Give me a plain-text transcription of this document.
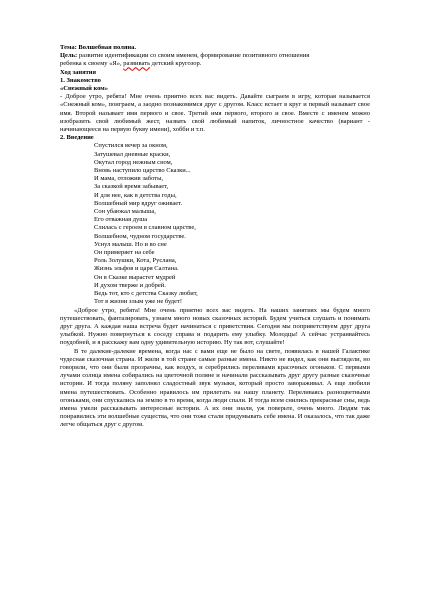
Тема: Волшебная поляна.
Цель: развитие идентификации со своим именем, формирование позитивного отношения
ребенка к своему «Я», развивать детский кругозор.
Ход занятия
1. Знакомство
«Снежный ком»

- Доброе утро, ребята! Мне очень приятно всех вас видеть. Давайте сыграем в игру, которая называется «Снежный ком», поиграем, а заодно познакомимся друг с другом. Класс встает в круг и первый называет свое имя. Второй называет имя первого и свое. Третий имя первого, второго и свое. Вместе с именем можно изобразить свой любимый жест, назвать свой любимый напиток, личностное качество (вариант - начинающееся на первую букву имени), хобби и т.п.

2. Введение
Спустился вечер за окном,
Затушевал дневные краски,
Окутал город нежным сном,
Вновь наступило царство Сказки...
И мама, отложив заботы,
За сказкой время забывает,
И для нее, как в детства годы,
Волшебный мир вдруг оживает.
Сон убаюкал малыша,
Его отважная душа
Слилась с героем в славном царстве,
Волшебном, чудном государстве.
Уснул малыш. Но и во сне
Он примеряет на себе
Роль Золушки, Кота, Руслана,
Жизнь эльфов и царя Салтана.
Он в Сказке вырастет мудрей
И духом тверже и добрей.
Ведь тот, кто с детства Сказку любит,
Тот в жизни злым уже не будет!

«Доброе утро, ребята! Мне очень приятно всех вас видеть. На наших занятиях мы будем много путешествовать, фантазировать, узнаем много новых сказочных историй. Будем учиться слушать и понимать друг друга. А каждая наша встреча будет начинаться с приветствия. Сегодня мы поприветствуем друг друга улыбкой. Нужно повернуться к соседу справа и подарить ему улыбку. Молодцы! А сейчас устраивайтесь поудобней, и я расскажу вам одну удивительную историю. Ну так вот, слушайте!

В те далекие-далекие времена, когда нас с вами еще не было на свете, появилась в нашей Галактике чудесная сказочная страна. И жили в той стране самые разные имена. Никто не видел, как они выглядели, но говорили, что они были прозрачны, как воздух, и серебрились переливами красочных огоньков. С первыми лучами солнца имена собирались на цветочной поляне и начинали рассказывать друг другу разные сказочные истории. И тогда поляну заполнял сладостный звук музыки, который просто завораживал. А еще любили имена путешествовать. Особенно нравилось им прилетать на нашу планету. Переливаясь разноцветными огоньками, они спускались на землю в то время, когда люди спали. И тогда всем снились прекрасные сны, ведь имена умели рассказывать интересные истории. А их они знали, уж поверьте, очень много. Людям так понравились эти волшебные существа, что они тоже стали придумывать себе имена. И оказалось, что так даже легче общаться друг с другом.
